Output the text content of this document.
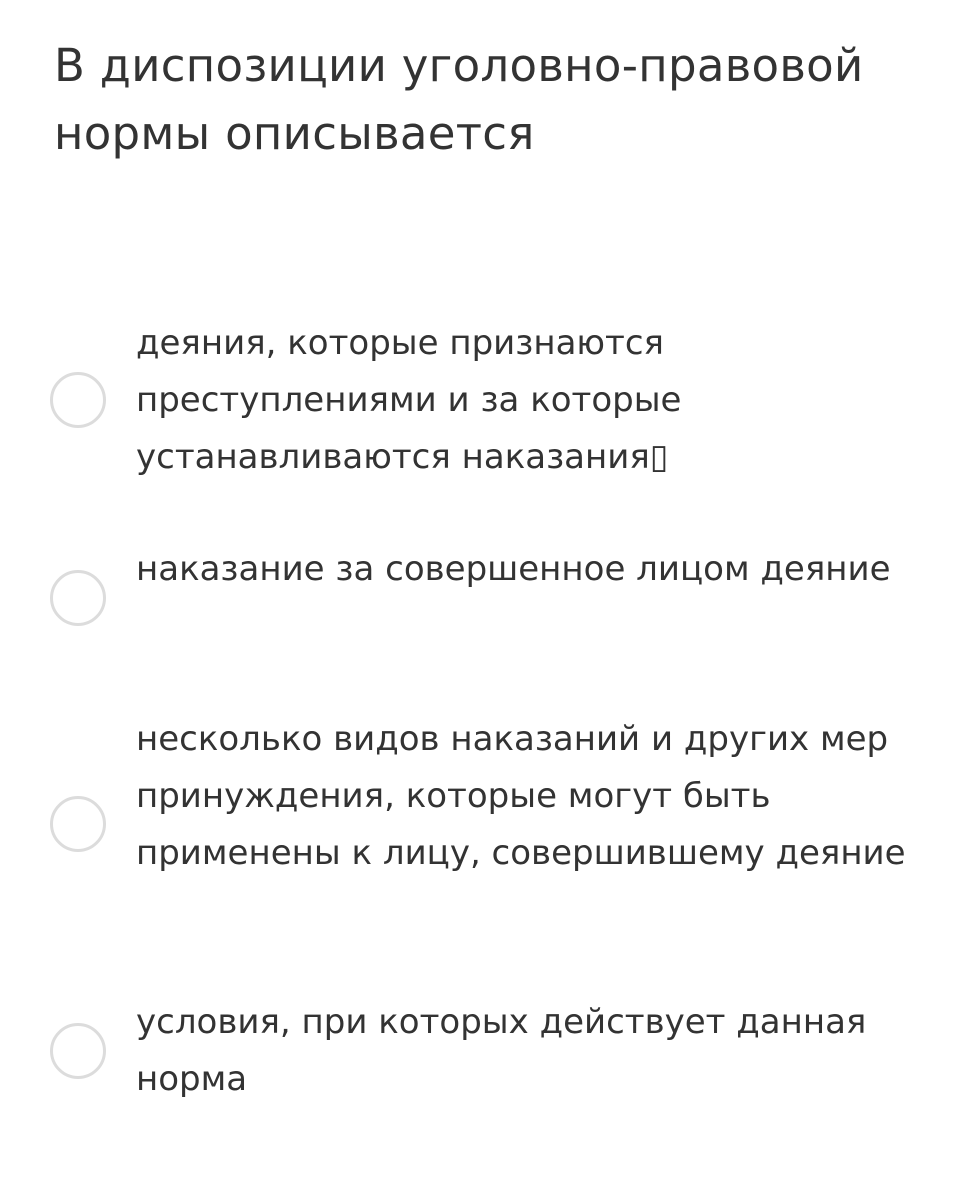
В диспозиции уголовно-правовой нормы описывается
деяния, которые признаются преступлениями и за которые устанавливаются наказания▯
наказание за совершенное лицом деяние
несколько видов наказаний и других мер принуждения, которые могут быть применены к лицу, совершившему деяние
условия, при которых действует данная норма
